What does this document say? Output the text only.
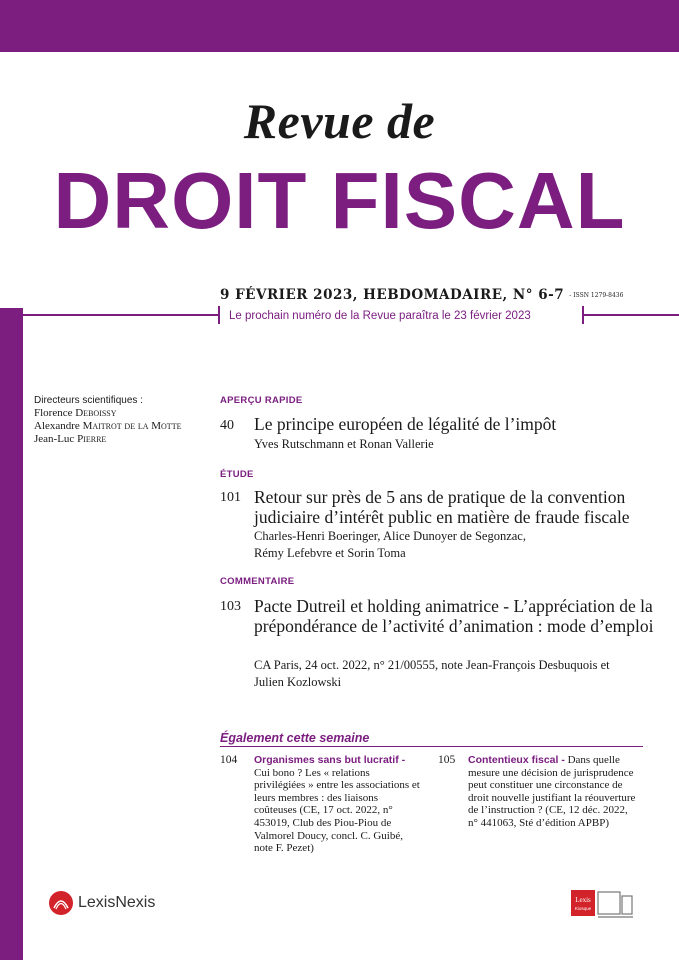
Revue de
DROIT FISCAL
9 FÉVRIER 2023, HEBDOMADAIRE, N° 6-7 - ISSN 1279-8436
Le prochain numéro de la Revue paraîtra le 23 février 2023
Directeurs scientifiques :
Florence Deboissy
Alexandre Maitrot de la Motte
Jean-Luc Pierre
APERÇU RAPIDE
40 Le principe européen de légalité de l’impôt
Yves Rutschmann et Ronan Vallerie
ÉTUDE
101 Retour sur près de 5 ans de pratique de la convention judiciaire d’intérêt public en matière de fraude fiscale
Charles-Henri Boeringer, Alice Dunoyer de Segonzac,
Rémy Lefebvre et Sorin Toma
COMMENTAIRE
103 Pacte Dutreil et holding animatrice - L’appréciation de la prépondérance de l’activité d’animation : mode d’emploi
CA Paris, 24 oct. 2022, n° 21/00555, note Jean-François Desbuquois et
Julien Kozlowski
Également cette semaine
104 Organismes sans but lucratif - Cui bono ? Les « relations privilégiées » entre les associations et leurs membres : des liaisons coûteuses (CE, 17 oct. 2022, n° 453019, Club des Piou-Piou de Valmorel Doucy, concl. C. Guibé, note F. Pezet)
105 Contentieux fiscal - Dans quelle mesure une décision de jurisprudence peut constituer une circonstance de droit nouvelle justifiant la réouverture de l’instruction ? (CE, 12 déc. 2022, n° 441063, Sté d’édition APBP)
LexisNexis	Lexis
Kiosque
